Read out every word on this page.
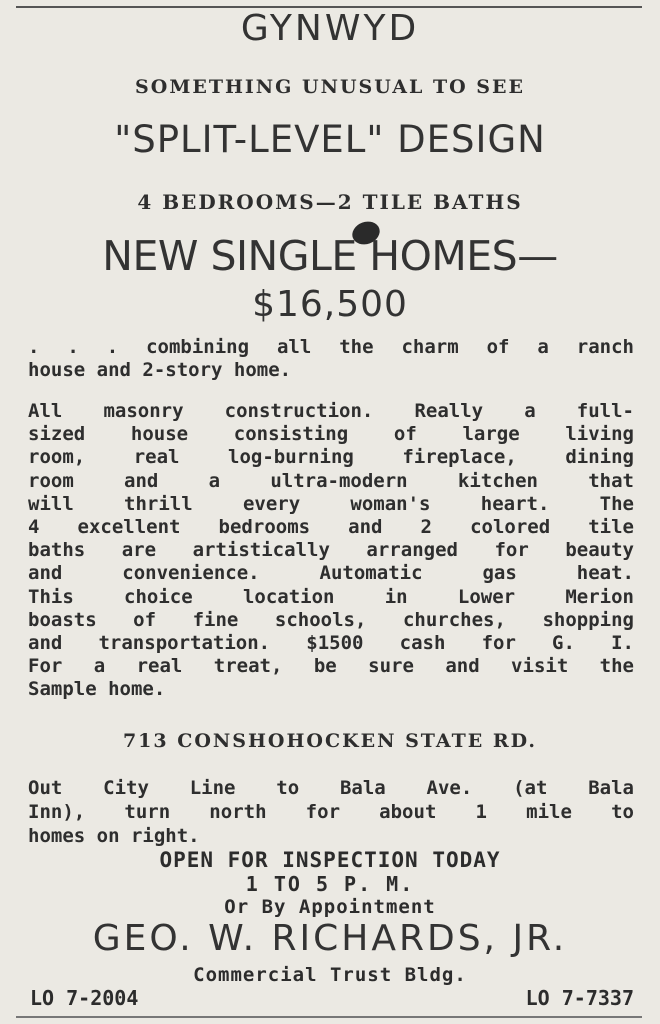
GYNWYD
SOMETHING UNUSUAL TO SEE
"SPLIT-LEVEL" DESIGN
4 BEDROOMS—2 TILE BATHS
NEW SINGLE HOMES—
$16,500

. . . combining all the charm of a ranch
house and 2-story home.

All masonry construction. Really a full-
sized house consisting of large living
room, real log-burning fireplace, dining
room and a ultra-modern kitchen that
will thrill every woman's heart. The
4 excellent bedrooms and 2 colored tile
baths are artistically arranged for beauty
and convenience. Automatic gas heat.
This choice location in Lower Merion
boasts of fine schools, churches, shopping
and transportation. $1500 cash for G. I.
For a real treat, be sure and visit the
Sample home.

713 CONSHOHOCKEN STATE RD.

Out City Line to Bala Ave. (at Bala
Inn), turn north for about 1 mile to
homes on right.

OPEN FOR INSPECTION TODAY
1 TO 5 P. M.
Or By Appointment
GEO. W. RICHARDS, JR.
Commercial Trust Bldg.
LO 7-2004	LO 7-7337
